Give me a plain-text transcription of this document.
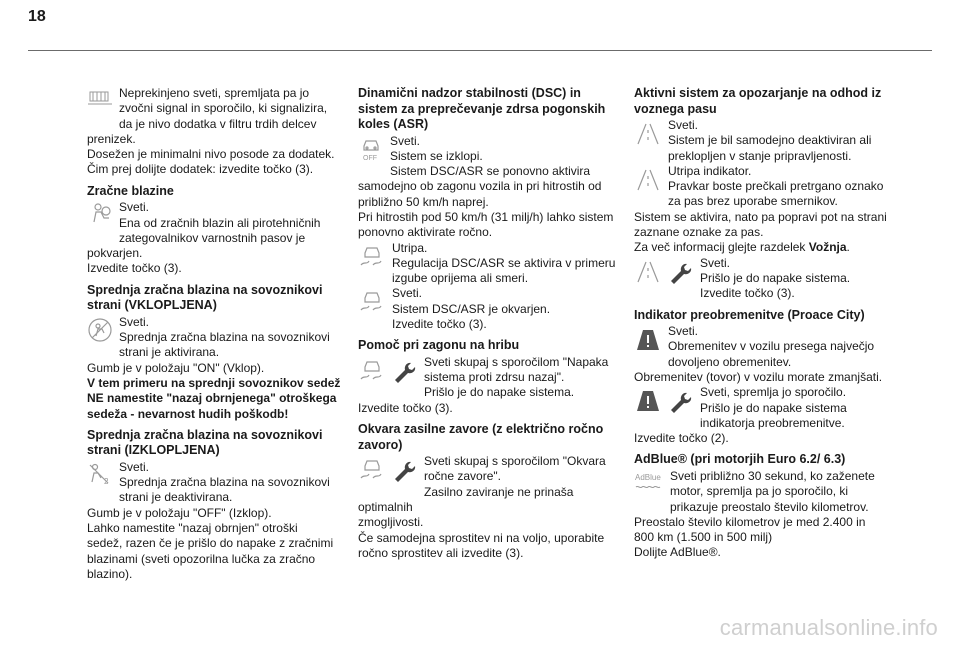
18
Neprekinjeno sveti, spremljata pa jo
zvočni signal in sporočilo, ki signalizira,
da je nivo dodatka v filtru trdih delcev prenizek.
Dosežen je minimalni nivo posode za dodatek.
Čim prej dolijte dodatek: izvedite točko (3).
Zračne blazine
Sveti.
Ena od zračnih blazin ali pirotehničnih
zategovalnikov varnostnih pasov je pokvarjen.
Izvedite točko (3).
Sprednja zračna blazina na sovoznikovi
strani (VKLOPLJENA)
Sveti.
Sprednja zračna blazina na sovoznikovi
strani je aktivirana.
Gumb je v položaju "ON" (Vklop).
V tem primeru na sprednji sovoznikov sedež
NE namestite "nazaj obrnjenega" otroškega
sedeža - nevarnost hudih poškodb!
Sprednja zračna blazina na sovoznikovi
strani (IZKLOPLJENA)
2
Sveti.
Sprednja zračna blazina na sovoznikovi
strani je deaktivirana.
Gumb je v položaju "OFF" (Izklop).
Lahko namestite "nazaj obrnjen" otroški
sedež, razen če je prišlo do napake z zračnimi
blazinami (sveti opozorilna lučka za zračno
blazino).
Dinamični nadzor stabilnosti (DSC) in
sistem za preprečevanje zdrsa pogonskih
koles (ASR)
OFF
Sveti.
Sistem se izklopi.
Sistem DSC/ASR se ponovno aktivira
samodejno ob zagonu vozila in pri hitrostih od
približno 50 km/h naprej.
Pri hitrostih pod 50 km/h (31 milj/h) lahko sistem
ponovno aktivirate ročno.
Utripa.
Regulacija DSC/ASR se aktivira v primeru
izgube oprijema ali smeri.
Sveti.
Sistem DSC/ASR je okvarjen.
Izvedite točko (3).
Pomoč pri zagonu na hribu
Sveti skupaj s sporočilom "Napaka
sistema proti zdrsu nazaj".
Prišlo je do napake sistema.
Izvedite točko (3).
Okvara zasilne zavore (z električno ročno
zavoro)
Sveti skupaj s sporočilom "Okvara
ročne zavore".
Zasilno zaviranje ne prinaša optimalnih
zmogljivosti.
Če samodejna sprostitev ni na voljo, uporabite
ročno sprostitev ali izvedite (3).
Aktivni sistem za opozarjanje na odhod iz
voznega pasu
Sveti.
Sistem je bil samodejno deaktiviran ali
preklopljen v stanje pripravljenosti.
Utripa indikator.
Pravkar boste prečkali pretrgano oznako
za pas brez uporabe smernikov.
Sistem se aktivira, nato pa popravi pot na strani
zaznane oznake za pas.
Za več informacij glejte razdelek Vožnja.
Sveti.
Prišlo je do napake sistema.
Izvedite točko (3).
Indikator preobremenitve (Proace City)
Sveti.
Obremenitev v vozilu presega največjo
dovoljeno obremenitev.
Obremenitev (tovor) v vozilu morate zmanjšati.
Sveti, spremlja jo sporočilo.
Prišlo je do napake sistema
indikatorja preobremenitve.
Izvedite točko (2).
AdBlue® (pri motorjih Euro 6.2/ 6.3)
AdBlue Sveti približno 30 sekund, ko zaženete
motor, spremlja pa jo sporočilo, ki
prikazuje preostalo število kilometrov.
Preostalo število kilometrov je med 2.400 in
800 km (1.500 in 500 milj)
Dolijte AdBlue®.
carmanualsonline.info
